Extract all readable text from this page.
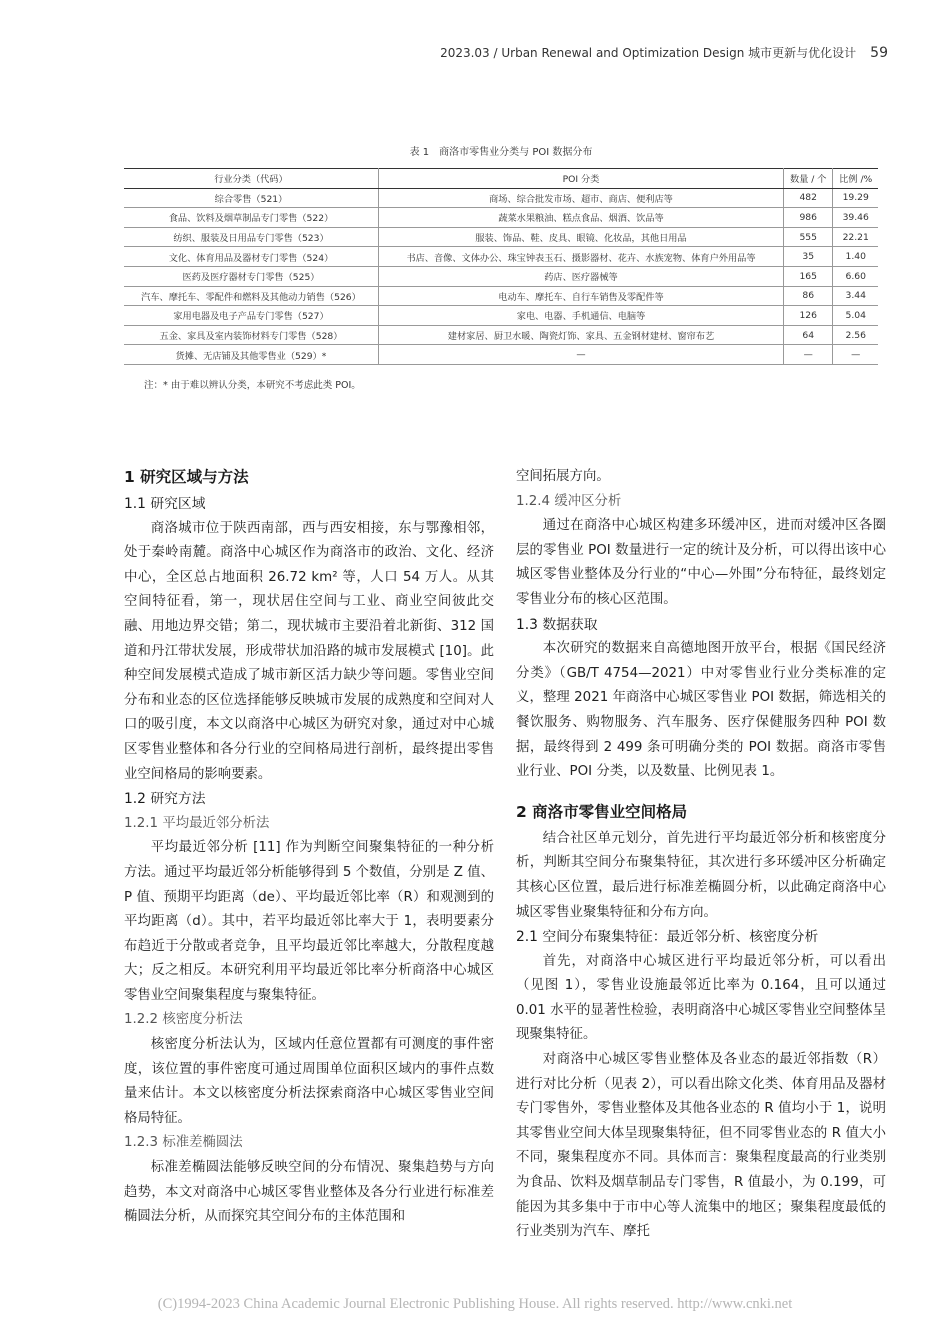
2023.03 / Urban Renewal and Optimization Design 城市更新与优化设计 59
表 1　商洛市零售业分类与 POI 数据分布
行业分类（代码）	POI 分类	数量 / 个	比例 /%
综合零售（521）	商场、综合批发市场、超市、商店、便利店等	482	19.29
食品、饮料及烟草制品专门零售（522）	蔬菜水果粮油、糕点食品、烟酒、饮品等	986	39.46
纺织、服装及日用品专门零售（523）	服装、饰品、鞋、皮具、眼镜、化妆品，其他日用品	555	22.21
文化、体育用品及器材专门零售（524）	书店、音像、文体办公、珠宝钟表玉石、摄影器材、花卉、水族宠物、体育户外用品等	35	1.40
医药及医疗器材专门零售（525）	药店、医疗器械等	165	6.60
汽车、摩托车、零配件和燃料及其他动力销售（526）	电动车、摩托车、自行车销售及零配件等	86	3.44
家用电器及电子产品专门零售（527）	家电、电器、手机通信、电脑等	126	5.04
五金、家具及室内装饰材料专门零售（528）	建材家居、厨卫水暖、陶瓷灯饰、家具、五金钢材建材、窗帘布艺	64	2.56
货摊、无店铺及其他零售业（529）*	—	—	—
注：* 由于难以辨认分类，本研究不考虑此类 POI。
1 研究区域与方法
1.1 研究区域

商洛城市位于陕西南部，西与西安相接，东与鄂豫相邻，处于秦岭南麓。商洛中心城区作为商洛市的政治、文化、经济中心，全区总占地面积 26.72 km² 等，人口 54 万人。从其空间特征看，第一，现状居住空间与工业、商业空间彼此交融、用地边界交错；第二，现状城市主要沿着北新街、312 国道和丹江带状发展，形成带状加沿路的城市发展模式 [10]。此种空间发展模式造成了城市新区活力缺少等问题。零售业空间分布和业态的区位选择能够反映城市发展的成熟度和空间对人口的吸引度，本文以商洛中心城区为研究对象，通过对中心城区零售业整体和各分行业的空间格局进行剖析，最终提出零售业空间格局的影响要素。

1.2 研究方法
1.2.1 平均最近邻分析法

平均最近邻分析 [11] 作为判断空间聚集特征的一种分析方法。通过平均最近邻分析能够得到 5 个数值，分别是 Z 值、P 值、预期平均距离（de）、平均最近邻比率（R）和观测到的平均距离（d）。其中，若平均最近邻比率大于 1，表明要素分布趋近于分散或者竞争，且平均最近邻比率越大，分散程度越大；反之相反。本研究利用平均最近邻比率分析商洛中心城区零售业空间聚集程度与聚集特征。

1.2.2 核密度分析法

核密度分析法认为，区域内任意位置都有可测度的事件密度，该位置的事件密度可通过周围单位面积区域内的事件点数量来估计。本文以核密度分析法探索商洛中心城区零售业空间格局特征。

1.2.3 标准差椭圆法

标准差椭圆法能够反映空间的分布情况、聚集趋势与方向趋势，本文对商洛中心城区零售业整体及各分行业进行标准差椭圆法分析，从而探究其空间分布的主体范围和

空间拓展方向。

1.2.4 缓冲区分析

通过在商洛中心城区构建多环缓冲区，进而对缓冲区各圈层的零售业 POI 数量进行一定的统计及分析，可以得出该中心城区零售业整体及分行业的“中心—外围”分布特征，最终划定零售业分布的核心区范围。

1.3 数据获取

本次研究的数据来自高德地图开放平台，根据《国民经济分类》（GB/T 4754—2021）中对零售业行业分类标准的定义，整理 2021 年商洛中心城区零售业 POI 数据，筛选相关的餐饮服务、购物服务、汽车服务、医疗保健服务四种 POI 数据，最终得到 2 499 条可明确分类的 POI 数据。商洛市零售业行业、POI 分类，以及数量、比例见表 1。

2 商洛市零售业空间格局

结合社区单元划分，首先进行平均最近邻分析和核密度分析，判断其空间分布聚集特征，其次进行多环缓冲区分析确定其核心区位置，最后进行标准差椭圆分析，以此确定商洛中心城区零售业聚集特征和分布方向。

2.1 空间分布聚集特征：最近邻分析、核密度分析

首先，对商洛中心城区进行平均最近邻分析，可以看出（见图 1），零售业设施最邻近比率为 0.164，且可以通过 0.01 水平的显著性检验，表明商洛中心城区零售业空间整体呈现聚集特征。

对商洛中心城区零售业整体及各业态的最近邻指数（R）进行对比分析（见表 2），可以看出除文化类、体育用品及器材专门零售外，零售业整体及其他各业态的 R 值均小于 1，说明其零售业空间大体呈现聚集特征，但不同零售业态的 R 值大小不同，聚集程度亦不同。具体而言：聚集程度最高的行业类别为食品、饮料及烟草制品专门零售，R 值最小，为 0.199，可能因为其多集中于市中心等人流集中的地区；聚集程度最低的行业类别为汽车、摩托

(C)1994-2023 China Academic Journal Electronic Publishing House. All rights reserved. http://www.cnki.net
